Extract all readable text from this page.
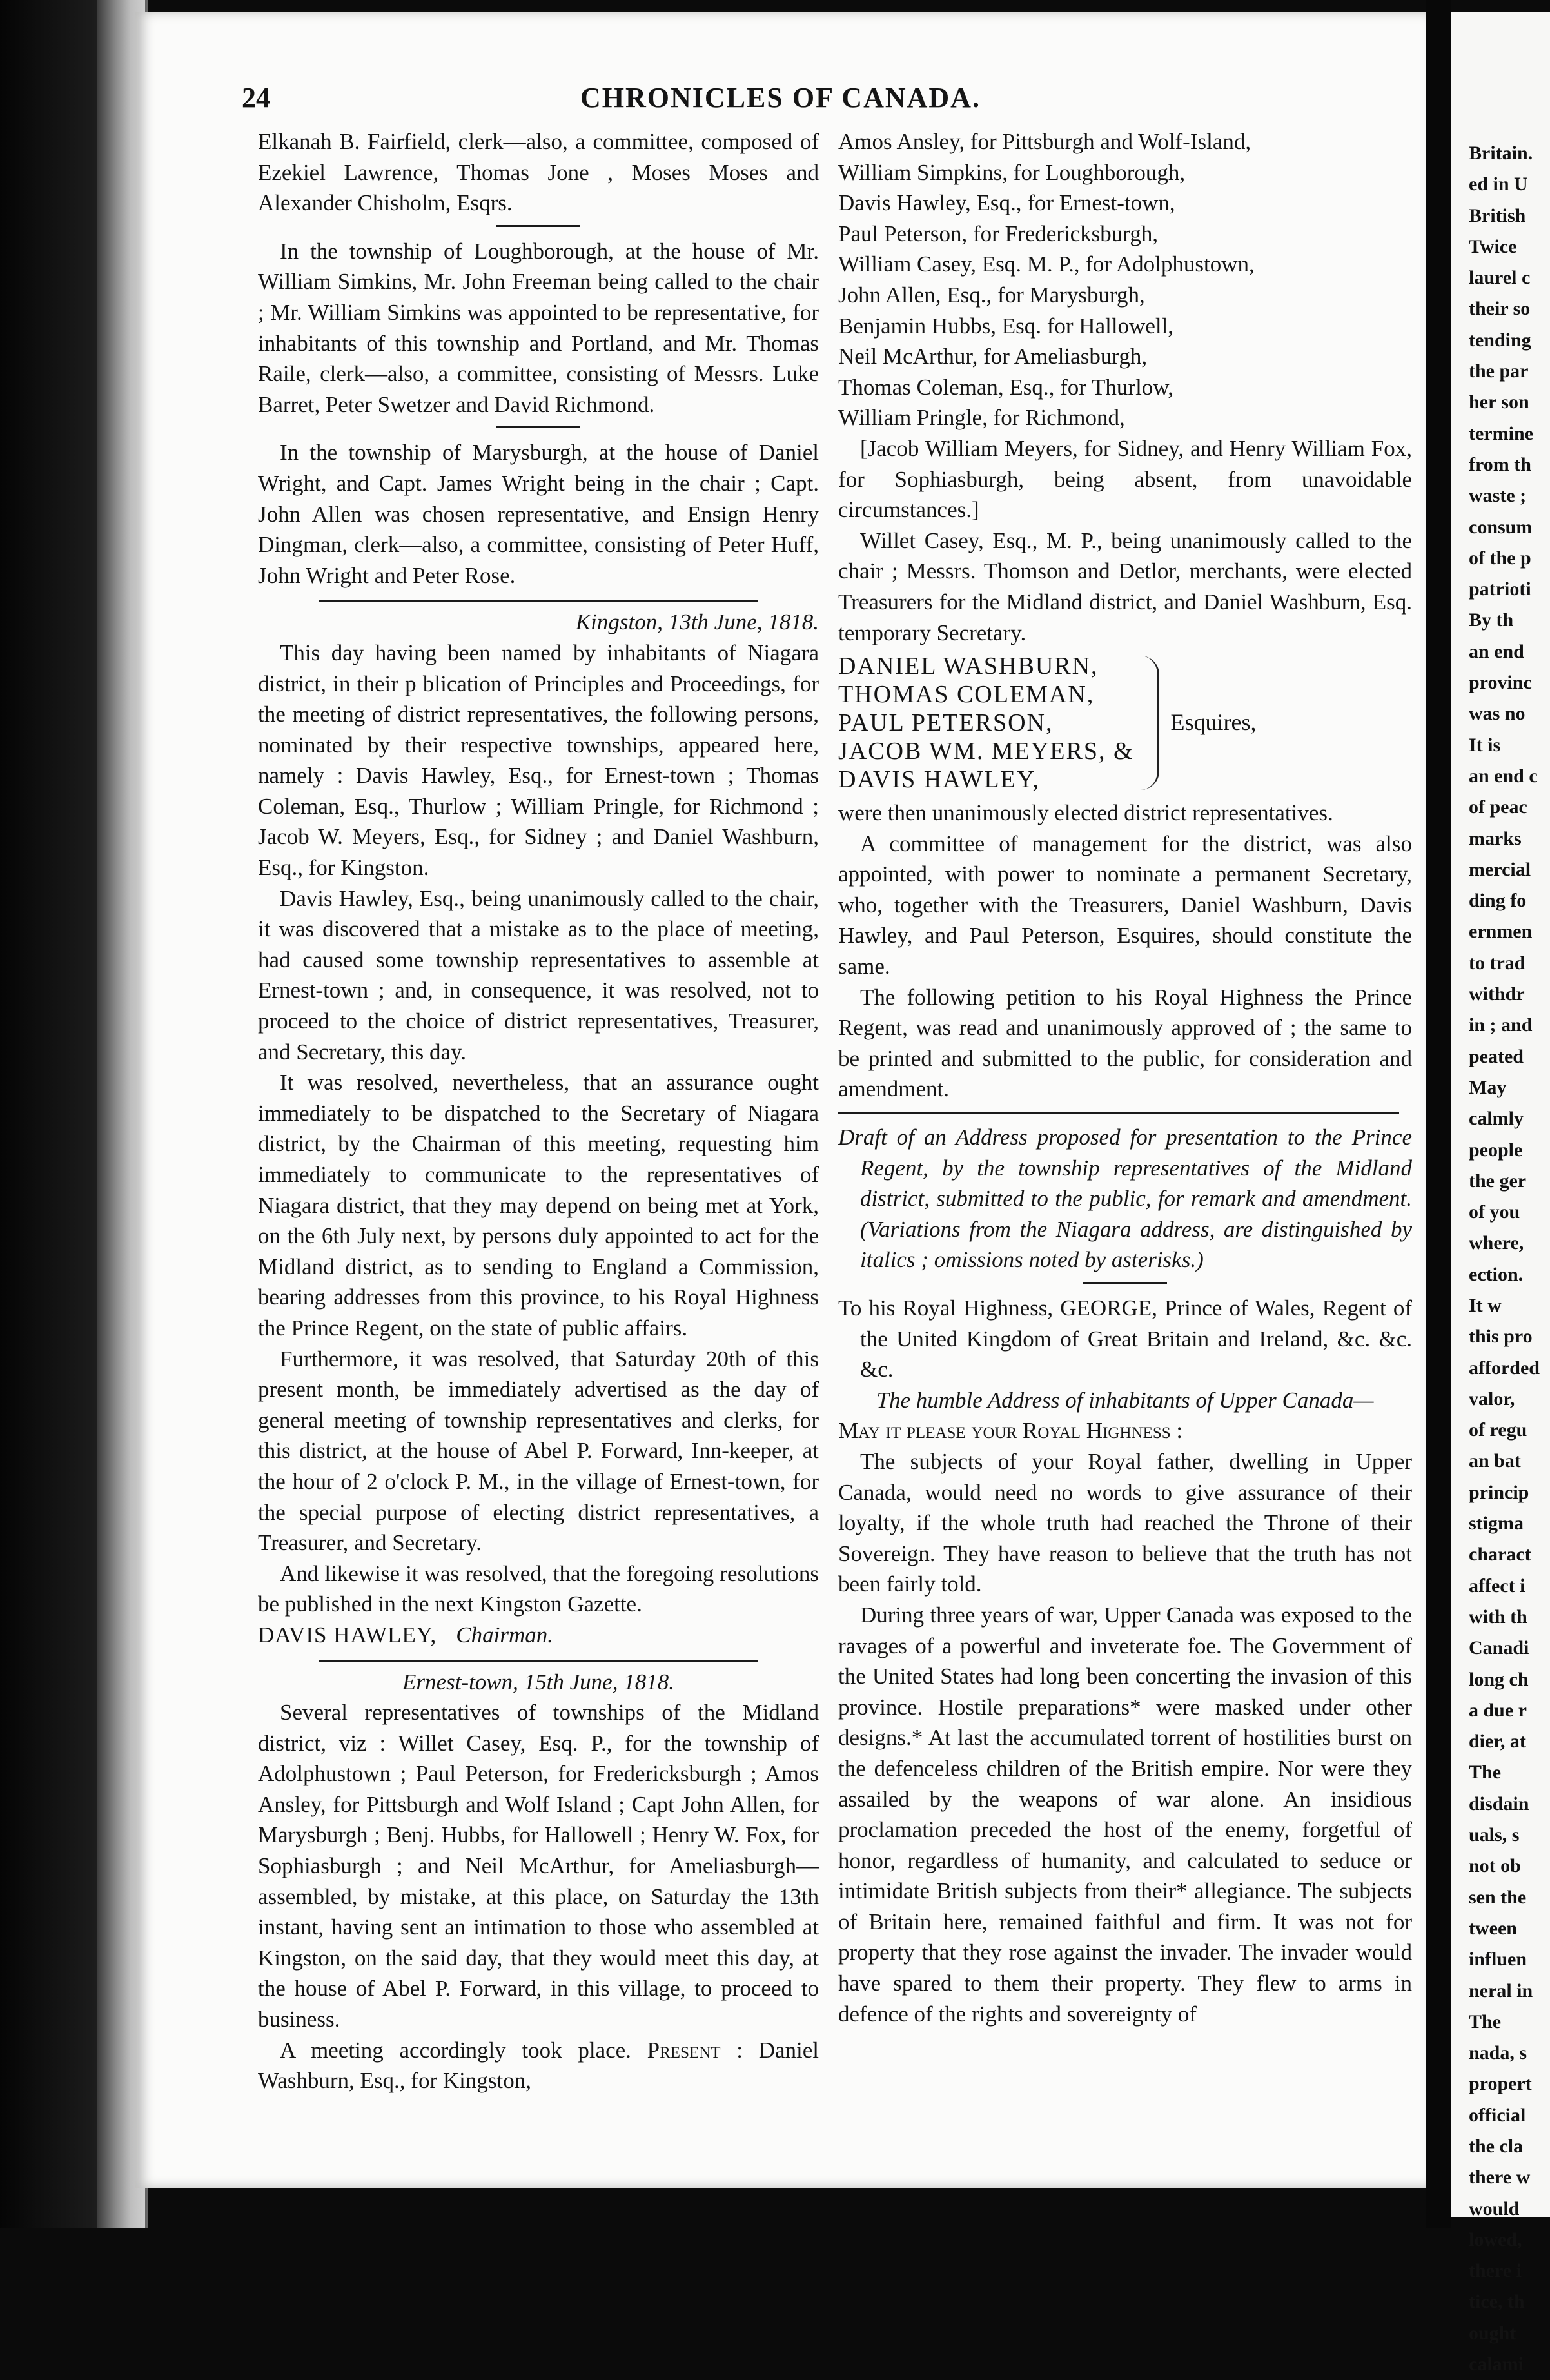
24	CHRONICLES OF CANADA.

Elkanah B. Fairfield, clerk—also, a committee, composed of Ezekiel Lawrence, Thomas Jone , Moses Moses and Alexander Chisholm, Esqrs.

In the township of Loughborough, at the house of Mr. William Simkins, Mr. John Freeman being called to the chair ; Mr. William Simkins was appointed to be representative, for inhabitants of this township and Portland, and Mr. Thomas Raile, clerk—also, a committee, consisting of Messrs. Luke Barret, Peter Swetzer and David Richmond.

In the township of Marysburgh, at the house of Daniel Wright, and Capt. James Wright being in the chair ; Capt. John Allen was chosen representative, and Ensign Henry Dingman, clerk—also, a committee, consisting of Peter Huff, John Wright and Peter Rose.

Kingston, 13th June, 1818.

This day having been named by inhabitants of Niagara district, in their p blication of Principles and Proceedings, for the meeting of district representatives, the following persons, nominated by their respective townships, appeared here, namely : Davis Hawley, Esq., for Ernest-town ; Thomas Coleman, Esq., Thurlow ; William Pringle, for Richmond ; Jacob W. Meyers, Esq., for Sidney ; and Daniel Washburn, Esq., for Kingston.

Davis Hawley, Esq., being unanimously called to the chair, it was discovered that a mistake as to the place of meeting, had caused some township representatives to assemble at Ernest-town ; and, in consequence, it was resolved, not to proceed to the choice of district representatives, Treasurer, and Secretary, this day.

It was resolved, nevertheless, that an assurance ought immediately to be dispatched to the Secretary of Niagara district, by the Chairman of this meeting, requesting him immediately to communicate to the representatives of Niagara district, that they may depend on being met at York, on the 6th July next, by persons duly appointed to act for the Midland district, as to sending to England a Commission, bearing addresses from this province, to his Royal Highness the Prince Regent, on the state of public affairs.

Furthermore, it was resolved, that Saturday 20th of this present month, be immediately advertised as the day of general meeting of township representatives and clerks, for this district, at the house of Abel P. Forward, Inn-keeper, at the hour of 2 o'clock P. M., in the village of Ernest-town, for the special purpose of electing district representatives, a Treasurer, and Secretary.

And likewise it was resolved, that the foregoing resolutions be published in the next Kingston Gazette.

DAVIS HAWLEY, Chairman.

Ernest-town, 15th June, 1818.

Several representatives of townships of the Midland district, viz : Willet Casey, Esq. P., for the township of Adolphustown ; Paul Peterson, for Fredericksburgh ; Amos Ansley, for Pittsburgh and Wolf Island ; Capt John Allen, for Marysburgh ; Benj. Hubbs, for Hallowell ; Henry W. Fox, for Sophiasburgh ; and Neil McArthur, for Ameliasburgh—assembled, by mistake, at this place, on Saturday the 13th instant, having sent an intimation to those who assembled at Kingston, on the said day, that they would meet this day, at the house of Abel P. Forward, in this village, to proceed to business.

A meeting accordingly took place. Present : Daniel Washburn, Esq., for Kingston,

Amos Ansley, for Pittsburgh and Wolf-Island,

William Simpkins, for Loughborough,

Davis Hawley, Esq., for Ernest-town,

Paul Peterson, for Fredericksburgh,

William Casey, Esq. M. P., for Adolphustown,

John Allen, Esq., for Marysburgh,

Benjamin Hubbs, Esq. for Hallowell,

Neil McArthur, for Ameliasburgh,

Thomas Coleman, Esq., for Thurlow,

William Pringle, for Richmond,

[Jacob William Meyers, for Sidney, and Henry William Fox, for Sophiasburgh, being absent, from unavoidable circumstances.]

Willet Casey, Esq., M. P., being unanimously called to the chair ; Messrs. Thomson and Detlor, merchants, were elected Treasurers for the Midland district, and Daniel Washburn, Esq. temporary Secretary.

DANIEL WASHBURN,
THOMAS COLEMAN,
PAUL PETERSON,
JACOB WM. MEYERS, &
DAVIS HAWLEY,
Esquires,

were then unanimously elected district representatives.

A committee of management for the district, was also appointed, with power to nominate a permanent Secretary, who, together with the Treasurers, Daniel Washburn, Davis Hawley, and Paul Peterson, Esquires, should constitute the same.

The following petition to his Royal Highness the Prince Regent, was read and unanimously approved of ; the same to be printed and submitted to the public, for consideration and amendment.

Draft of an Address proposed for presentation to the Prince Regent, by the township representatives of the Midland district, submitted to the public, for remark and amendment. (Variations from the Niagara address, are distinguished by italics ; omissions noted by asterisks.)

To his Royal Highness, GEORGE, Prince of Wales, Regent of the United Kingdom of Great Britain and Ireland, &c. &c. &c.

The humble Address of inhabitants of Upper Canada—

May it please your Royal Highness :

The subjects of your Royal father, dwelling in Upper Canada, would need no words to give assurance of their loyalty, if the whole truth had reached the Throne of their Sovereign. They have reason to believe that the truth has not been fairly told.

During three years of war, Upper Canada was exposed to the ravages of a powerful and inveterate foe. The Government of the United States had long been concerting the invasion of this province. Hostile preparations* were masked under other designs.* At last the accumulated torrent of hostilities burst on the defenceless children of the British empire. Nor were they assailed by the weapons of war alone. An insidious proclamation preceded the host of the enemy, forgetful of honor, regardless of humanity, and calculated to seduce or intimidate British subjects from their* allegiance. The subjects of Britain here, remained faithful and firm. It was not for property that they rose against the invader. The invader would have spared to them their property. They flew to arms in defence of the rights and sovereignty of

Britain.
ed in U
British
Twice
laurel c
their so
tending
the par
her son
termine
from th
waste ;
consum
of the p
patrioti
By th
an end
provinc
was no
It is
an end c
of peac
marks
mercial
ding fo
ernmen
to trad
withdr
in ; and
peated
May
calmly
people
the ger
of you
where,
ection.
It w
this pro
afforded
valor,
of regu
an bat
princip
stigma
charact
affect i
with th
Canadi
long ch
a due r
dier, at
The
disdain
uals, s
not ob
sen the
tween
influen
neral in
The
nada, s
propert
official
the cla
there w
would
lowed,
there i
tice, th
ought
calami
